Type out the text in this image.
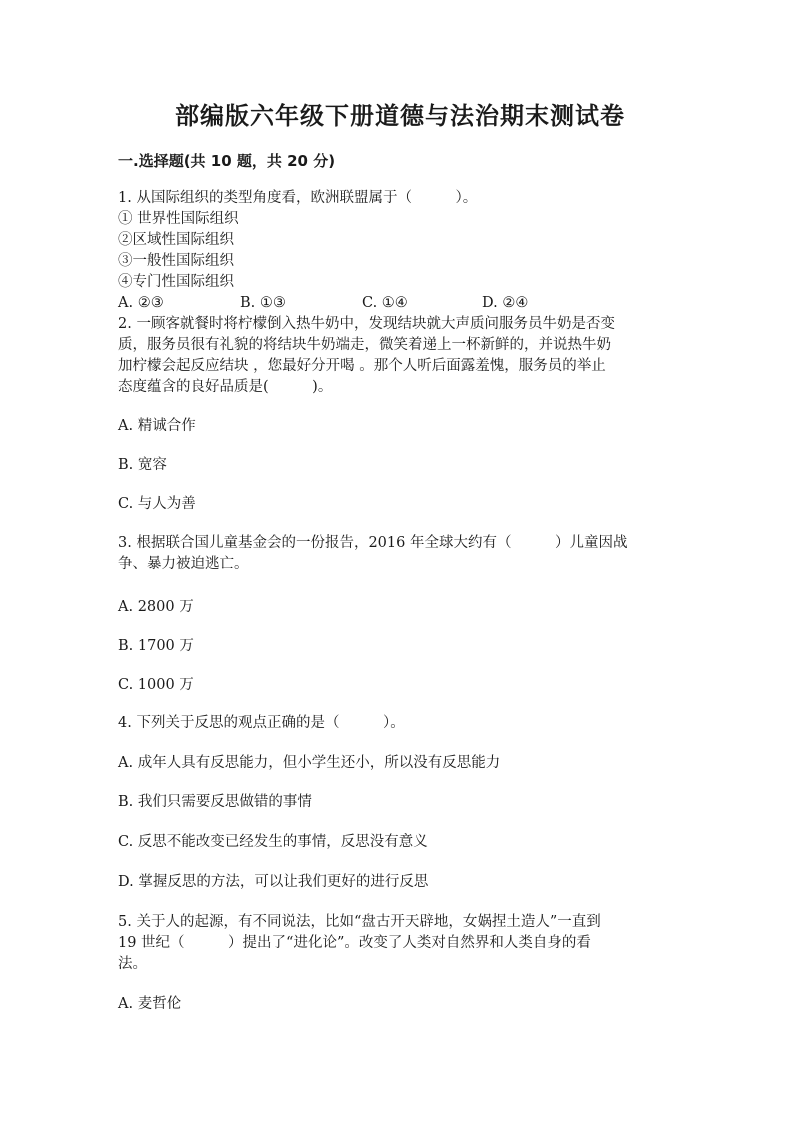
部编版六年级下册道德与法治期末测试卷
一.选择题(共 10 题，共 20 分)
1. 从国际组织的类型角度看，欧洲联盟属于（　　　）。
① 世界性国际组织
②区域性国际组织
③一般性国际组织
④专门性国际组织
A. ②③	B. ①③	C. ①④	D. ②④
2. 一顾客就餐时将柠檬倒入热牛奶中，发现结块就大声质问服务员牛奶是否变
质，服务员很有礼貌的将结块牛奶端走，微笑着递上一杯新鲜的，并说热牛奶
加柠檬会起反应结块 ，您最好分开喝 。那个人听后面露羞愧，服务员的举止
态度蕴含的良好品质是(　　　)。
A. 精诚合作
B. 宽容
C. 与人为善
3. 根据联合国儿童基金会的一份报告，2016 年全球大约有（　　　）儿童因战
争、暴力被迫逃亡。
A. 2800 万
B. 1700 万
C. 1000 万
4. 下列关于反思的观点正确的是（　　　）。
A. 成年人具有反思能力，但小学生还小，所以没有反思能力
B. 我们只需要反思做错的事情
C. 反思不能改变已经发生的事情，反思没有意义
D. 掌握反思的方法，可以让我们更好的进行反思
5. 关于人的起源，有不同说法，比如“盘古开天辟地，女娲捏土造人”一直到
19 世纪（　　　）提出了“进化论”。改变了人类对自然界和人类自身的看
法。
A. 麦哲伦
